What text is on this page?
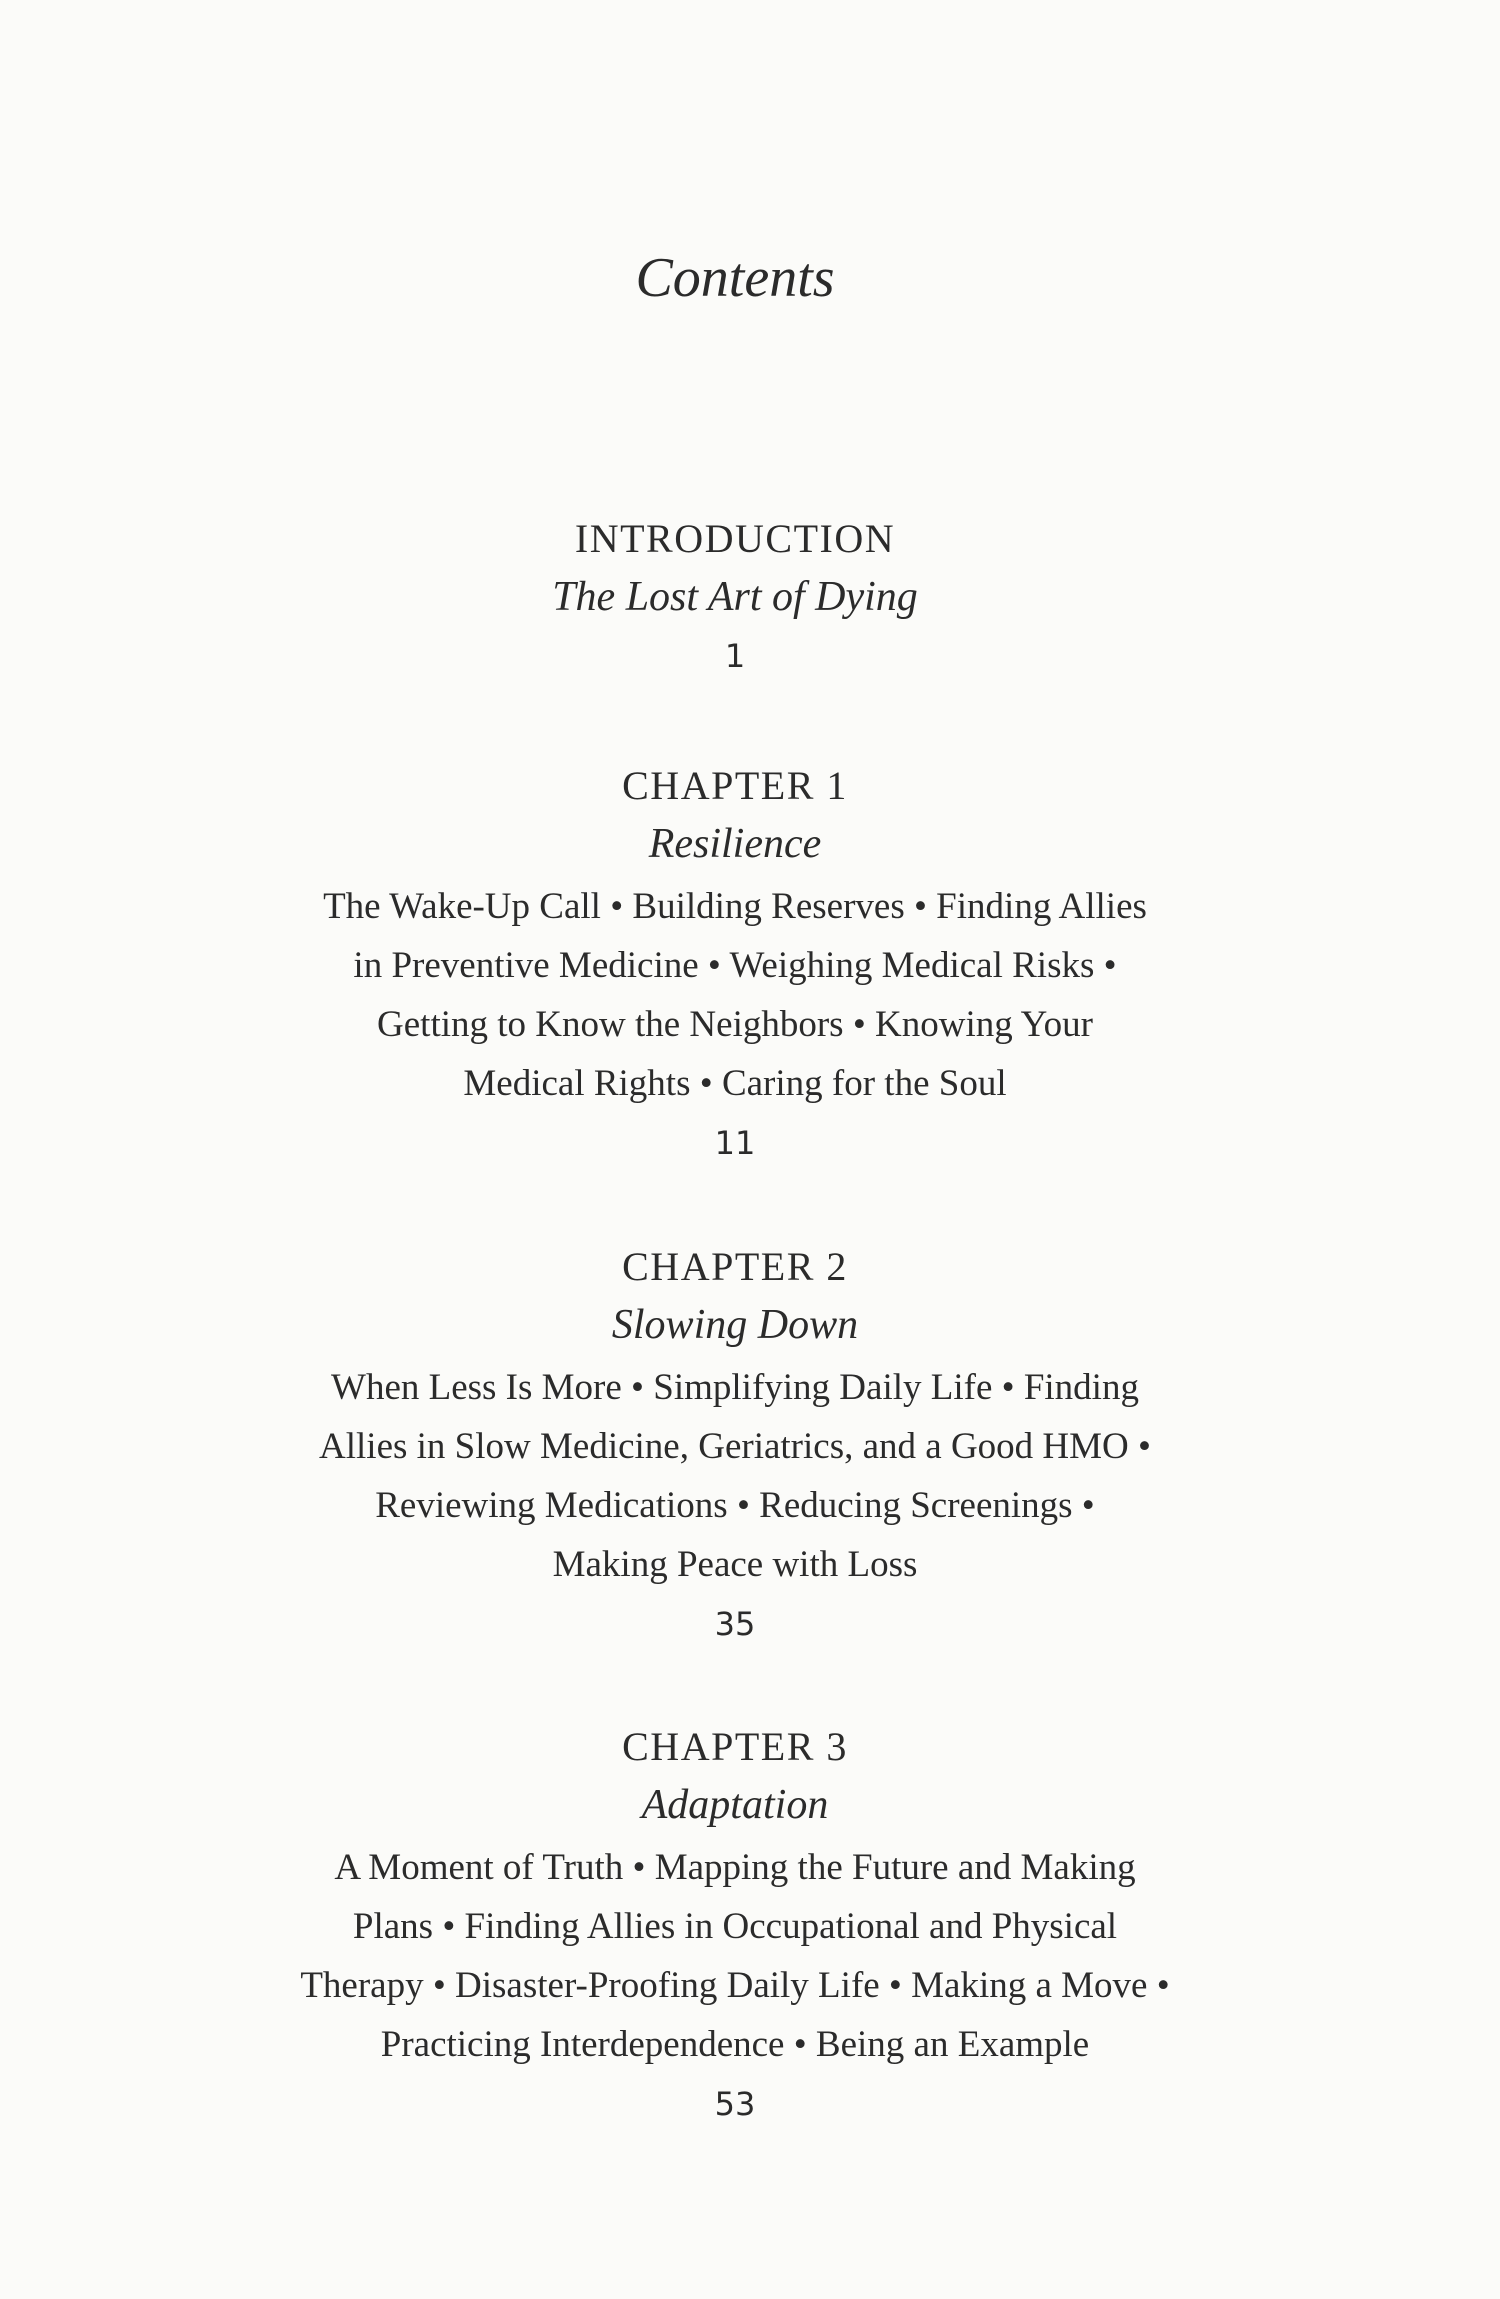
Contents
INTRODUCTION
The Lost Art of Dying
1
CHAPTER 1
Resilience
The Wake-Up Call • Building Reserves • Finding Allies
in Preventive Medicine • Weighing Medical Risks •
Getting to Know the Neighbors • Knowing Your
Medical Rights • Caring for the Soul
11
CHAPTER 2
Slowing Down
When Less Is More • Simplifying Daily Life • Finding
Allies in Slow Medicine, Geriatrics, and a Good HMO •
Reviewing Medications • Reducing Screenings •
Making Peace with Loss
35
CHAPTER 3
Adaptation
A Moment of Truth • Mapping the Future and Making
Plans • Finding Allies in Occupational and Physical
Therapy • Disaster-Proofing Daily Life • Making a Move •
Practicing Interdependence • Being an Example
53
